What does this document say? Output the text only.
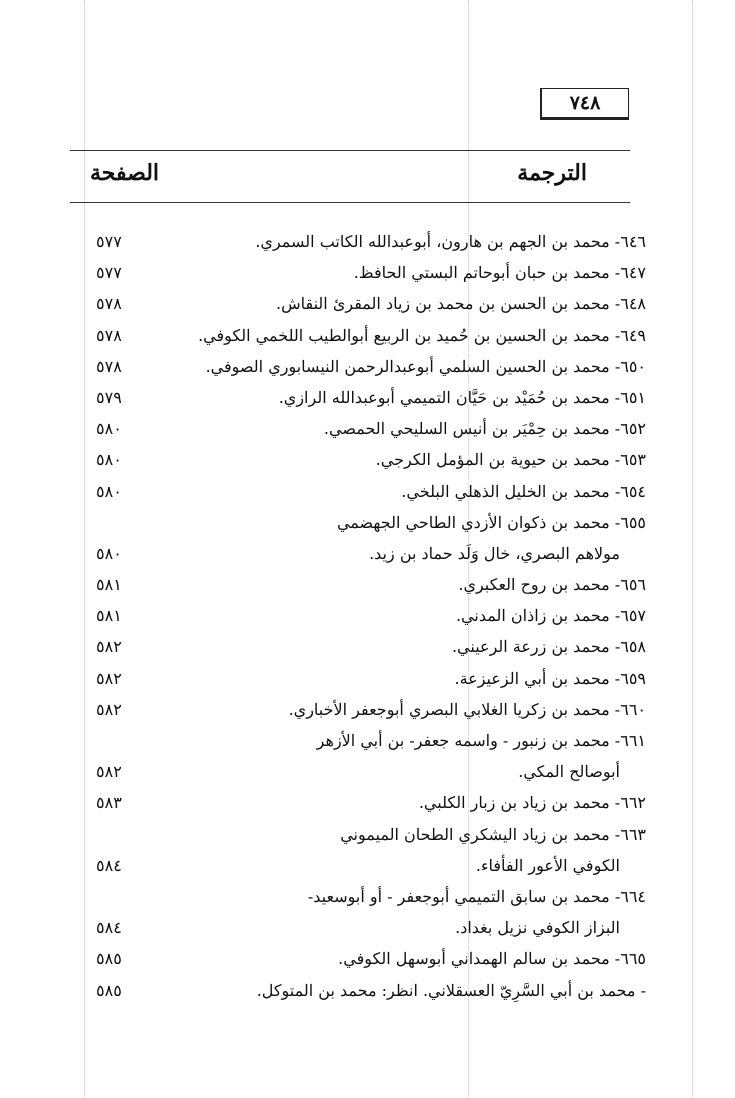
٧٤٨
الترجمة
الصفحة
٦٤٦- محمد بن الجهم بن هارون، أبوعبدالله الكاتب السمري.
٥٧٧
٦٤٧- محمد بن حبان أبوحاتم البستي الحافظ.
٥٧٧
٦٤٨- محمد بن الحسن بن محمد بن زياد المقرئ النقاش.
٥٧٨
٦٤٩- محمد بن الحسين بن حُميد بن الربيع أبوالطيب اللخمي الكوفي.
٥٧٨
٦٥٠- محمد بن الحسين السلمي أبوعبدالرحمن النيسابوري الصوفي.
٥٧٨
٦٥١- محمد بن حُمَيْد بن حَيَّان التميمي أبوعبدالله الرازي.
٥٧٩
٦٥٢- محمد بن حِمْيَر بن أنيس السليحي الحمصي.
٥٨٠
٦٥٣- محمد بن حيوية بن المؤمل الكرجي.
٥٨٠
٦٥٤- محمد بن الخليل الذهلي البلخي.
٥٨٠
٦٥٥- محمد بن ذكوان الأزدي الطاحي الجهضمي
مولاهم البصري، خال وَلَد حماد بن زيد.
٥٨٠
٦٥٦- محمد بن روح العكبري.
٥٨١
٦٥٧- محمد بن زاذان المدني.
٥٨١
٦٥٨- محمد بن زرعة الرعيني.
٥٨٢
٦٥٩- محمد بن أبي الزعيزعة.
٥٨٢
٦٦٠- محمد بن زكريا الغلابي البصري أبوجعفر الأخباري.
٥٨٢
٦٦١- محمد بن زنبور - واسمه جعفر- بن أبي الأزهر
أبوصالح المكي.
٥٨٢
٦٦٢- محمد بن زياد بن زبار الكلبي.
٥٨٣
٦٦٣- محمد بن زياد اليشكري الطحان الميموني
الكوفي الأعور الفأفاء.
٥٨٤
٦٦٤- محمد بن سابق التميمي أبوجعفر - أو أبوسعيد-
البزاز الكوفي نزيل بغداد.
٥٨٤
٦٦٥- محمد بن سالم الهمداني أبوسهل الكوفي.
٥٨٥
- محمد بن أبي السَّرِيّ العسقلاني. انظر: محمد بن المتوكل.
٥٨٥
